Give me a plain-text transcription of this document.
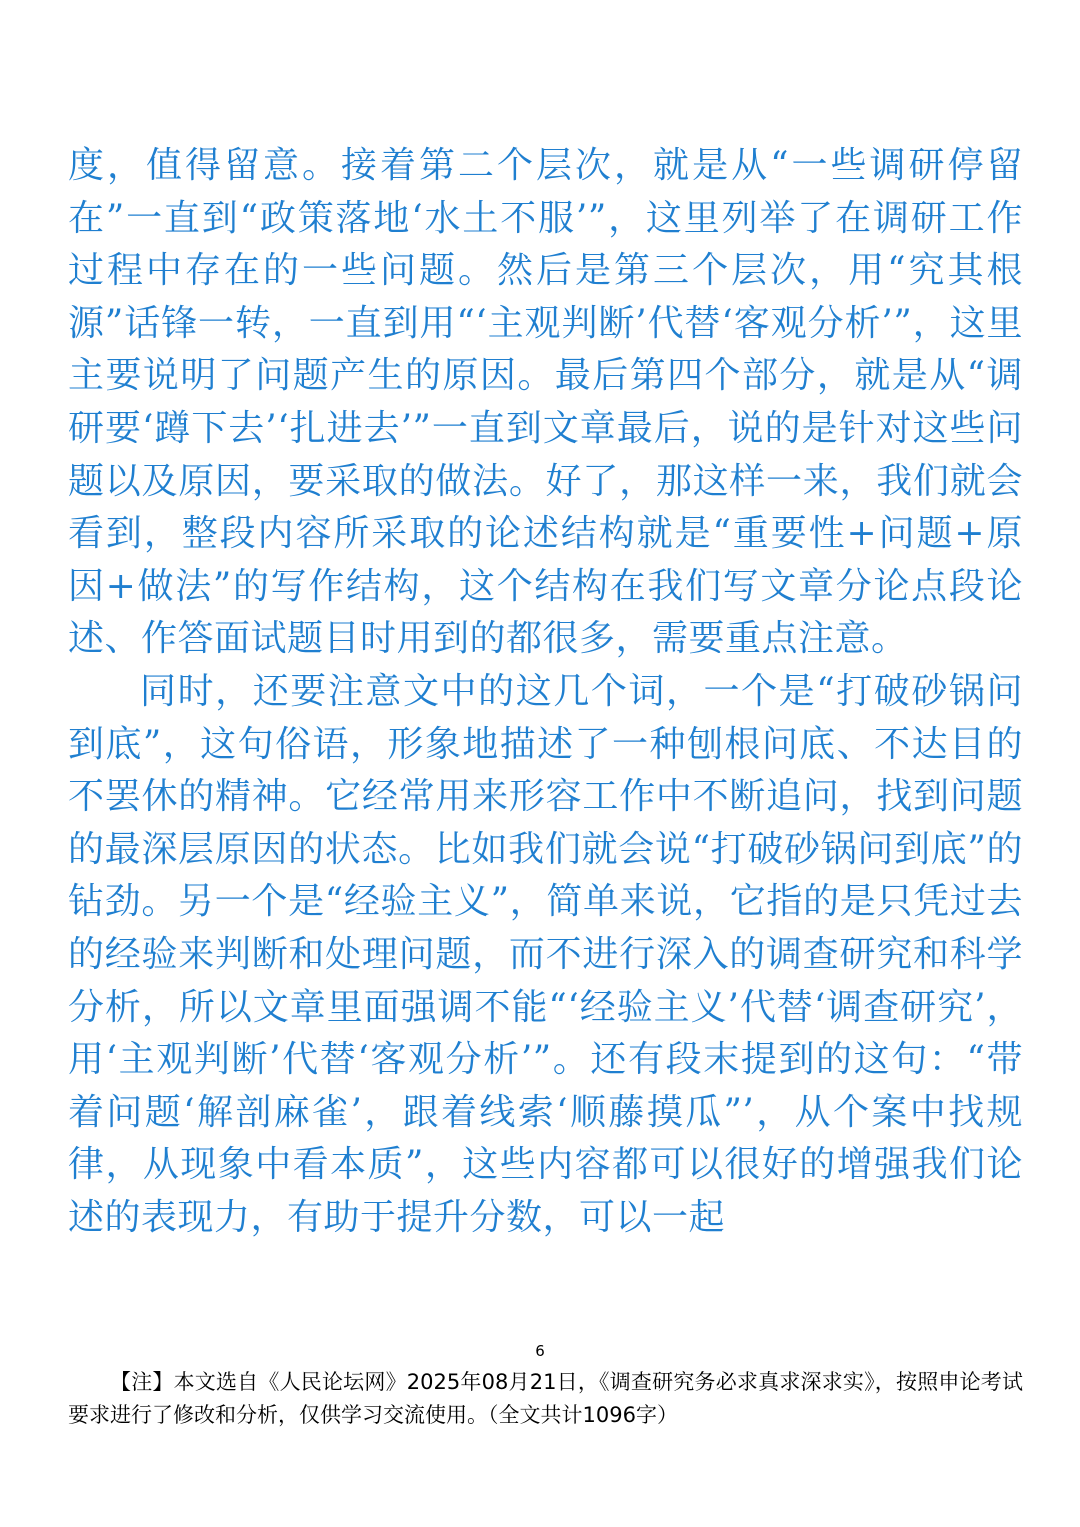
度，值得留意。接着第二个层次，就是从“一些调研停留在”一直到“政策落地‘水土不服’”，这里列举了在调研工作过程中存在的一些问题。然后是第三个层次，用“究其根源”话锋一转，一直到用“‘主观判断’代替‘客观分析’”，这里主要说明了问题产生的原因。最后第四个部分，就是从“调研要‘蹲下去’‘扎进去’”一直到文章最后，说的是针对这些问题以及原因，要采取的做法。好了，那这样一来，我们就会看到，整段内容所采取的论述结构就是“重要性+问题+原因+做法”的写作结构，这个结构在我们写文章分论点段论述、作答面试题目时用到的都很多，需要重点注意。

同时，还要注意文中的这几个词，一个是“打破砂锅问到底”，这句俗语，形象地描述了一种刨根问底、不达目的不罢休的精神。它经常用来形容工作中不断追问，找到问题的最深层原因的状态。比如我们就会说“打破砂锅问到底”的钻劲。另一个是“经验主义”，简单来说，它指的是只凭过去的经验来判断和处理问题，而不进行深入的调查研究和科学分析，所以文章里面强调不能“‘经验主义’代替‘调查研究’，用‘主观判断’代替‘客观分析’”。还有段末提到的这句：“带着问题‘解剖麻雀’，跟着线索‘顺藤摸瓜”’，从个案中找规律，从现象中看本质”，这些内容都可以很好的增强我们论述的表现力，有助于提升分数，可以一起

6
【注】本文选自《人民论坛网》2025年08月21日，《调查研究务必求真求深求实》，按照申论考试要求进行了修改和分析，仅供学习交流使用。（全文共计1096字）
